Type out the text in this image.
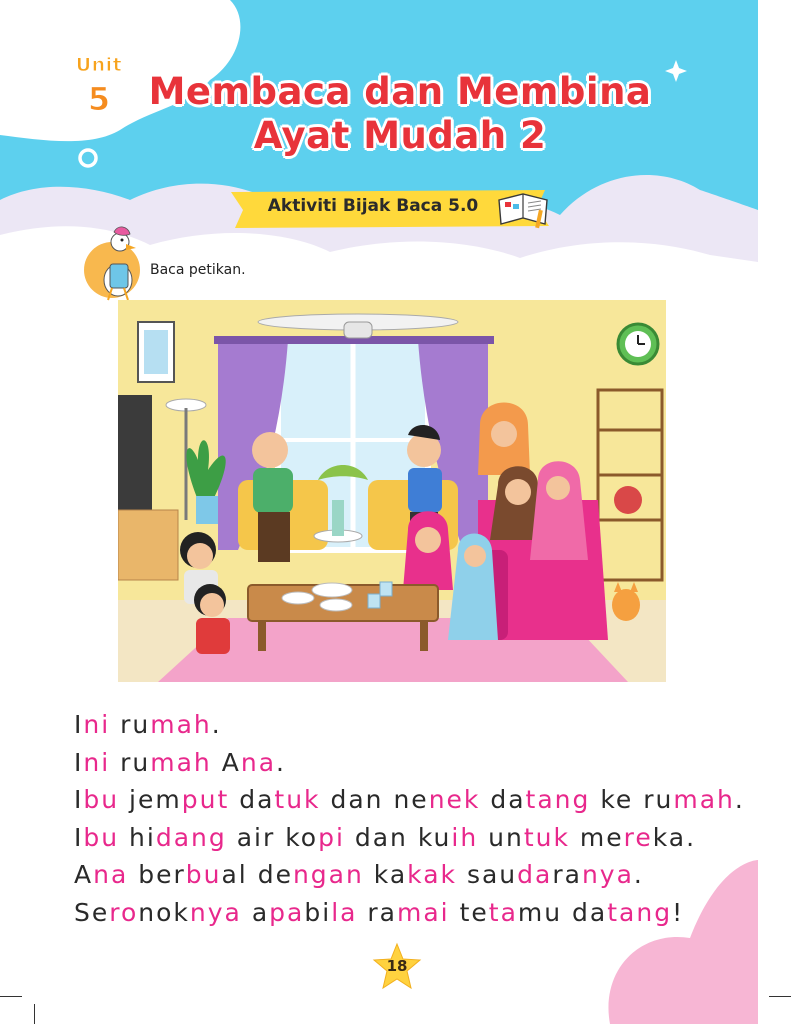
Unit
5	Membaca dan Membina
Ayat Mudah 2
Aktiviti Bijak Baca 5.0
Baca petikan.
Ini rumah.
Ini rumah Ana.
Ibu jemput datuk dan nenek datang ke rumah.
Ibu hidang air kopi dan kuih untuk mereka.
Ana berbual dengan kakak saudaranya.
Seronoknya apabila ramai tetamu datang!
18
